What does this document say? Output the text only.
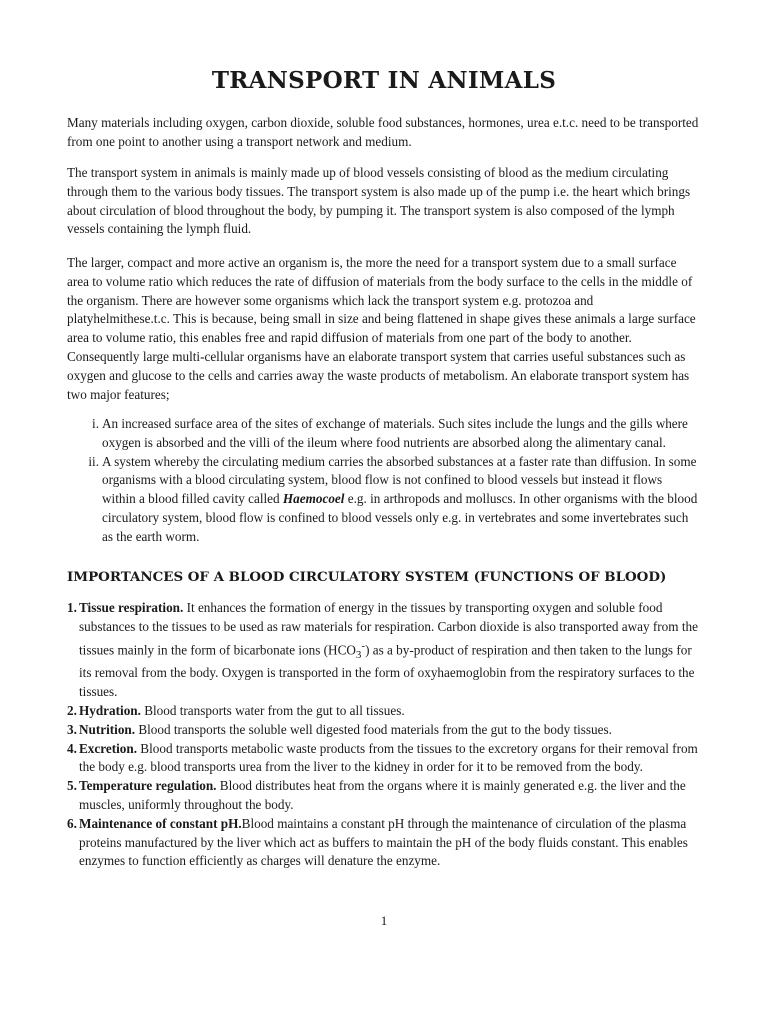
TRANSPORT IN ANIMALS

Many materials including oxygen, carbon dioxide, soluble food substances, hormones, urea e.t.c. need to be transported from one point to another using a transport network and medium.

The transport system in animals is mainly made up of blood vessels consisting of blood as the medium circulating through them to the various body tissues. The transport system is also made up of the pump i.e. the heart which brings about circulation of blood throughout the body, by pumping it. The transport system is also composed of the lymph vessels containing the lymph fluid.

The larger, compact and more active an organism is, the more the need for a transport system due to a small surface area to volume ratio which reduces the rate of diffusion of materials from the body surface to the cells in the middle of the organism. There are however some organisms which lack the transport system e.g. protozoa and platyhelmithese.t.c. This is because, being small in size and being flattened in shape gives these animals a large surface area to volume ratio, this enables free and rapid diffusion of materials from one part of the body to another. Consequently large multi-cellular organisms have an elaborate transport system that carries useful substances such as oxygen and glucose to the cells and carries away the waste products of metabolism. An elaborate transport system has two major features;

i. An increased surface area of the sites of exchange of materials. Such sites include the lungs and the gills where oxygen is absorbed and the villi of the ileum where food nutrients are absorbed along the alimentary canal.
ii. A system whereby the circulating medium carries the absorbed substances at a faster rate than diffusion. In some organisms with a blood circulating system, blood flow is not confined to blood vessels but instead it flows within a blood filled cavity called Haemocoel e.g. in arthropods and molluscs. In other organisms with the blood circulatory system, blood flow is confined to blood vessels only e.g. in vertebrates and some invertebrates such as the earth worm.
IMPORTANCES OF A BLOOD CIRCULATORY SYSTEM (FUNCTIONS OF BLOOD)
1. Tissue respiration. It enhances the formation of energy in the tissues by transporting oxygen and soluble food substances to the tissues to be used as raw materials for respiration. Carbon dioxide is also transported away from the tissues mainly in the form of bicarbonate ions $(HCO_3^-)$ as a by-product of respiration and then taken to the lungs for its removal from the body. Oxygen is transported in the form of oxyhaemoglobin from the respiratory surfaces to the tissues.
2. Hydration. Blood transports water from the gut to all tissues.
3. Nutrition. Blood transports the soluble well digested food materials from the gut to the body tissues.
4. Excretion. Blood transports metabolic waste products from the tissues to the excretory organs for their removal from the body e.g. blood transports urea from the liver to the kidney in order for it to be removed from the body.
5. Temperature regulation. Blood distributes heat from the organs where it is mainly generated e.g. the liver and the muscles, uniformly throughout the body.
6. Maintenance of constant pH.Blood maintains a constant pH through the maintenance of circulation of the plasma proteins manufactured by the liver which act as buffers to maintain the pH of the body fluids constant. This enables enzymes to function efficiently as charges will denature the enzyme.
1
